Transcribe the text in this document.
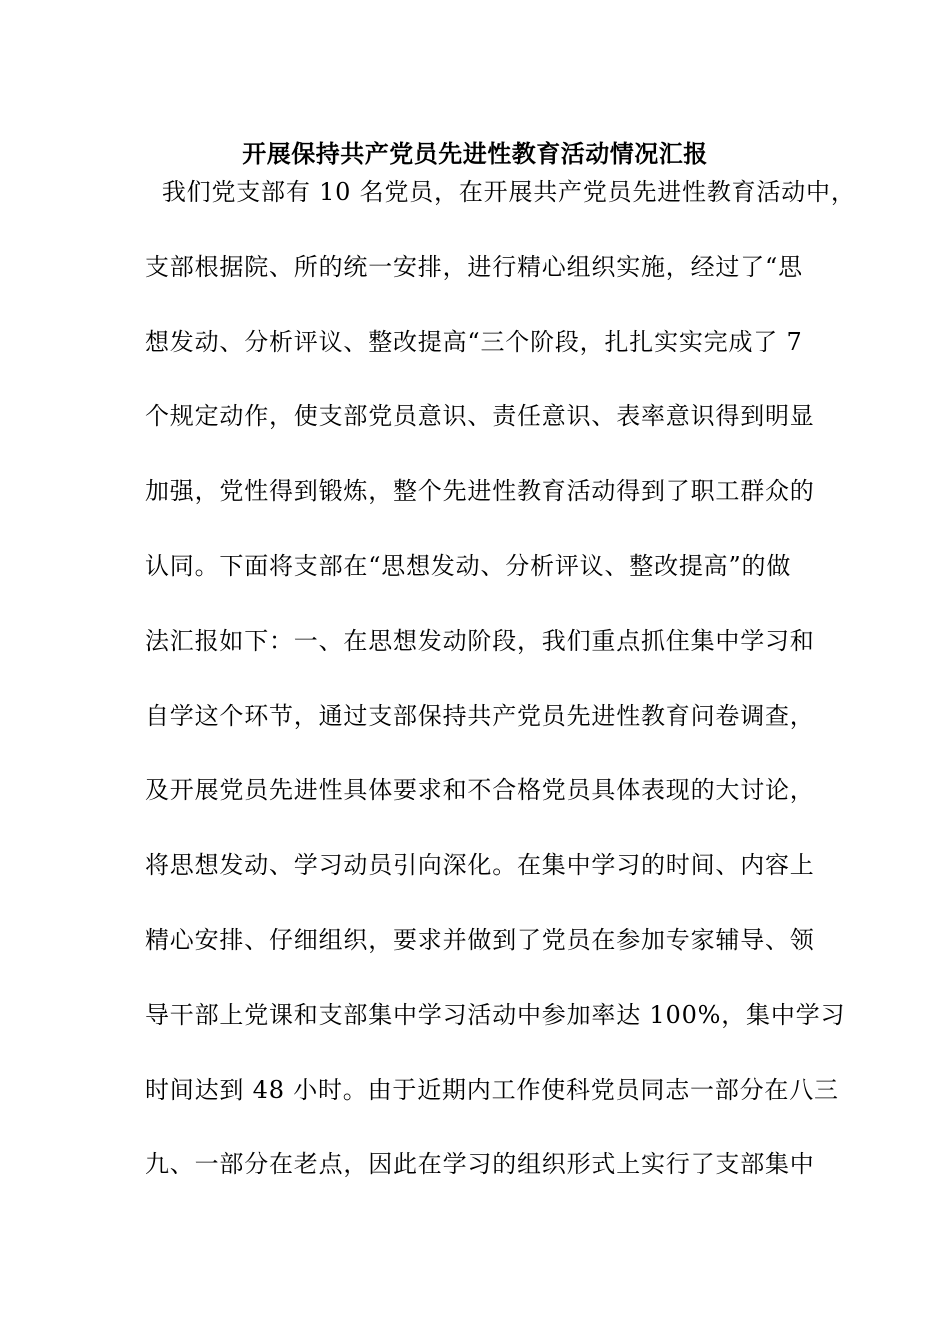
开展保持共产党员先进性教育活动情况汇报
我们党支部有 10 名党员，在开展共产党员先进性教育活动中，
支部根据院、所的统一安排，进行精心组织实施，经过了“思
想发动、分析评议、整改提高“三个阶段，扎扎实实完成了 7
个规定动作，使支部党员意识、责任意识、表率意识得到明显
加强，党性得到锻炼，整个先进性教育活动得到了职工群众的
认同。下面将支部在“思想发动、分析评议、整改提高”的做
法汇报如下：一、在思想发动阶段，我们重点抓住集中学习和
自学这个环节，通过支部保持共产党员先进性教育问卷调查，
及开展党员先进性具体要求和不合格党员具体表现的大讨论，
将思想发动、学习动员引向深化。在集中学习的时间、内容上
精心安排、仔细组织，要求并做到了党员在参加专家辅导、领
导干部上党课和支部集中学习活动中参加率达 100%，集中学习
时间达到 48 小时。由于近期内工作使科党员同志一部分在八三
九、一部分在老点，因此在学习的组织形式上实行了支部集中
